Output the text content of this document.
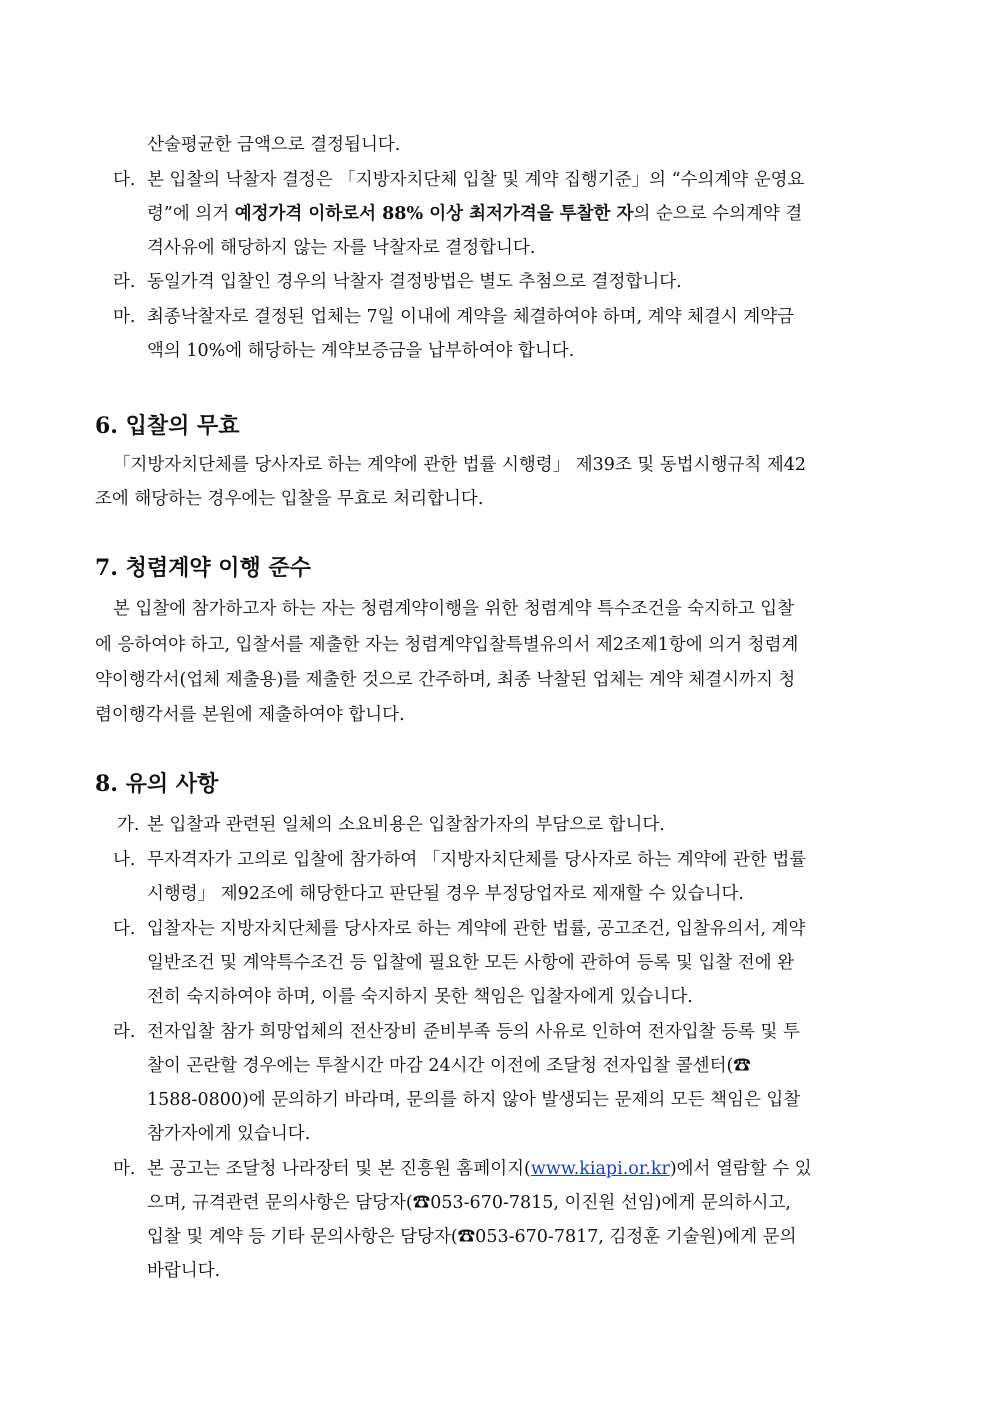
산술평균한 금액으로 결정됩니다.
다. 본 입찰의 낙찰자 결정은 「지방자치단체 입찰 및 계약 집행기준」의 “수의계약 운영요
령”에 의거 예정가격 이하로서 88% 이상 최저가격을 투찰한 자의 순으로 수의계약 결
격사유에 해당하지 않는 자를 낙찰자로 결정합니다.
라. 동일가격 입찰인 경우의 낙찰자 결정방법은 별도 추첨으로 결정합니다.
마. 최종낙찰자로 결정된 업체는 7일 이내에 계약을 체결하여야 하며, 계약 체결시 계약금
액의 10%에 해당하는 계약보증금을 납부하여야 합니다.
6. 입찰의 무효
「지방자치단체를 당사자로 하는 계약에 관한 법률 시행령」 제39조 및 동법시행규칙 제42
조에 해당하는 경우에는 입찰을 무효로 처리합니다.
7. 청렴계약 이행 준수
본 입찰에 참가하고자 하는 자는 청렴계약이행을 위한 청렴계약 특수조건을 숙지하고 입찰
에 응하여야 하고, 입찰서를 제출한 자는 청렴계약입찰특별유의서 제2조제1항에 의거 청렴계
약이행각서(업체 제출용)를 제출한 것으로 간주하며, 최종 낙찰된 업체는 계약 체결시까지 청
렴이행각서를 본원에 제출하여야 합니다.
8. 유의 사항
가. 본 입찰과 관련된 일체의 소요비용은 입찰참가자의 부담으로 합니다.
나. 무자격자가 고의로 입찰에 참가하여 「지방자치단체를 당사자로 하는 계약에 관한 법률
시행령」 제92조에 해당한다고 판단될 경우 부정당업자로 제재할 수 있습니다.
다. 입찰자는 지방자치단체를 당사자로 하는 계약에 관한 법률, 공고조건, 입찰유의서, 계약
일반조건 및 계약특수조건 등 입찰에 필요한 모든 사항에 관하여 등록 및 입찰 전에 완
전히 숙지하여야 하며, 이를 숙지하지 못한 책임은 입찰자에게 있습니다.
라. 전자입찰 참가 희망업체의 전산장비 준비부족 등의 사유로 인하여 전자입찰 등록 및 투
찰이 곤란할 경우에는 투찰시간 마감 24시간 이전에 조달청 전자입찰 콜센터(☎
1588-0800)에 문의하기 바라며, 문의를 하지 않아 발생되는 문제의 모든 책임은 입찰
참가자에게 있습니다.
마. 본 공고는 조달청 나라장터 및 본 진흥원 홈페이지(www.kiapi.or.kr)에서 열람할 수 있
으며, 규격관련 문의사항은 담당자(☎053-670-7815, 이진원 선임)에게 문의하시고,
입찰 및 계약 등 기타 문의사항은 담당자(☎053-670-7817, 김정훈 기술원)에게 문의
바랍니다.
